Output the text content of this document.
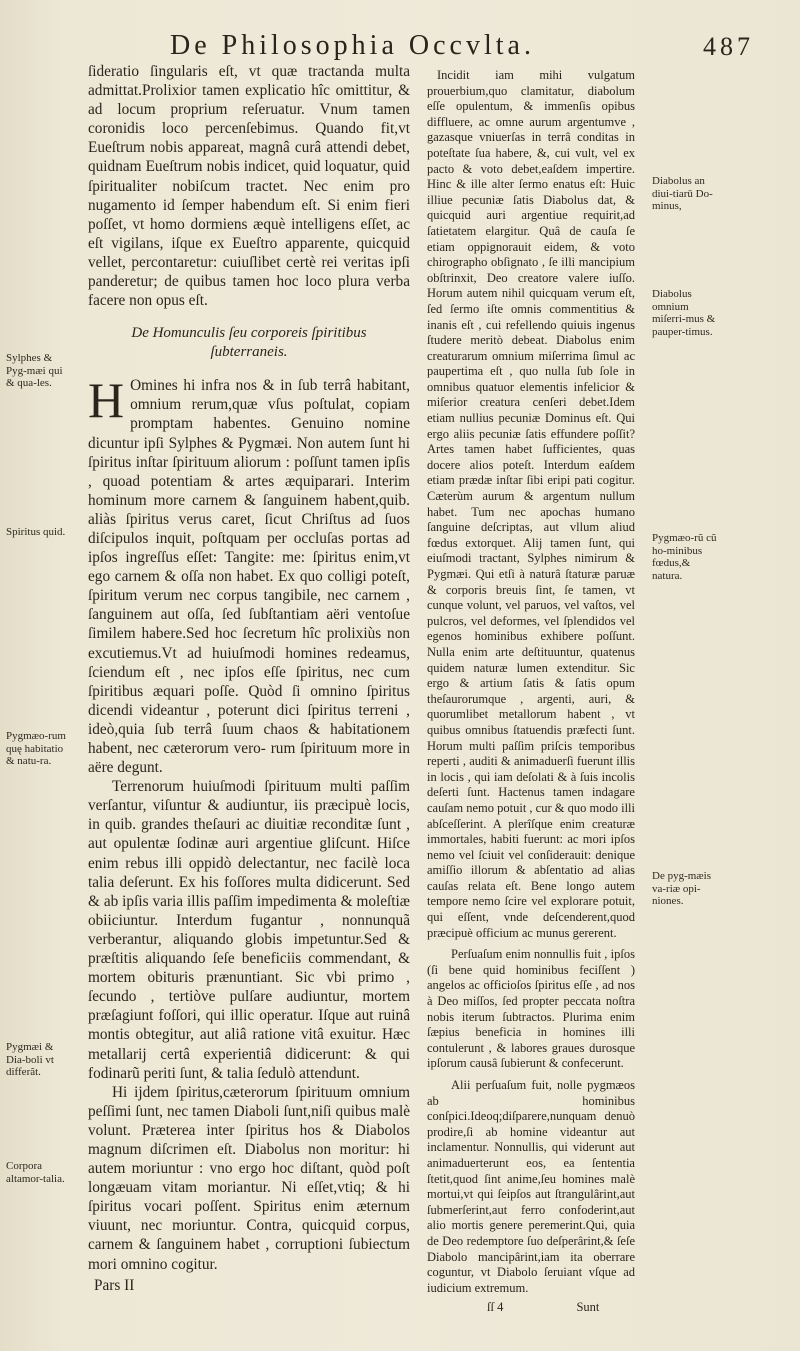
De Philosophia Occvlta.	487

ſideratio ſingularis eſt, vt quæ tractanda multa admittat.Prolixior tamen explicatio hîc omittitur, & ad locum proprium reſeruatur. Vnum tamen coronidis loco percenſebimus. Quando fit,vt Eueſtrum nobis appareat, magnâ curâ attendi debet, quidnam Eueſtrum nobis indicet, quid loquatur, quid ſpiritualiter nobiſcum tractet. Nec enim pro nugamento id ſemper habendum eſt. Si enim fieri poſſet, vt homo dormiens æquè intelligens eſſet, ac eſt vigilans, iſque ex Eueſtro apparente, quicquid vellet, percontaretur: cuiuſlibet certè rei veritas ipſi panderetur; de quibus tamen hoc loco plura verba facere non opus eſt.

De Homunculis ſeu corporeis ſpiritibus ſubterraneis.

H Omines hi infra nos & in ſub terrâ habitant, omnium rerum,quæ vſus poſtulat, copiam promptam habentes. Genuino nomine dicuntur ipſi Sylphes & Pygmæi. Non autem ſunt hi ſpiritus inſtar ſpirituum aliorum : poſſunt tamen ipſis , quoad potentiam & artes æquiparari. Interim hominum more carnem & ſanguinem habent,quib. aliàs ſpiritus verus caret, ſicut Chriſtus ad ſuos diſcipulos inquit, poſtquam per occluſas portas ad ipſos ingreſſus eſſet: Tangite: me: ſpiritus enim,vt ego carnem & oſſa non habet. Ex quo colligi poteſt, ſpiritum verum nec corpus tangibile, nec carnem , ſanguinem aut oſſa, ſed ſubſtantiam aëri ventoſue ſimilem habere.Sed hoc ſecretum hîc prolixiùs non excutiemus.Vt ad huiuſmodi homines redeamus, ſciendum eſt , nec ipſos eſſe ſpiritus, nec cum ſpiritibus æquari poſſe. Quòd ſi omnino ſpiritus dicendi videantur , poterunt dici ſpiritus terreni , ideò,quia ſub terrâ ſuum chaos & habitationem habent, nec cæterorum vero- rum ſpirituum more in aëre degunt.

Terrenorum huiuſmodi ſpirituum multi paſſim verſantur, viſuntur & audiuntur, iis præcipuè locis, in quib. grandes theſauri ac diuitiæ reconditæ ſunt , aut opulentæ ſodinæ auri argentiue gliſcunt. Hiſce enim rebus illi oppidò delectantur, nec facilè loca talia deſerunt. Ex his foſſores multa didicerunt. Sed & ab ipſis varia illis paſſim impedimenta & moleſtiæ obiiciuntur. Interdum fugantur , nonnunquã verberantur, aliquando globis impetuntur.Sed & præſtitis aliquando ſeſe beneficiis commendant, & mortem obituris prænuntiant. Sic vbi primo , ſecundo , tertiòve pulſare audiuntur, mortem præſagiunt foſſori, qui illic operatur. Iſque aut ruinâ montis obtegitur, aut aliâ ratione vitâ exuitur. Hæc metallarij certâ experientiâ didicerunt: & qui fodinarũ periti ſunt, & talia ſedulò attendunt.

Hi ijdem ſpiritus,cæterorum ſpirituum omnium peſſimi ſunt, nec tamen Diaboli ſunt,niſi quibus malè volunt. Præterea inter ſpiritus hos & Diabolos magnum diſcrimen eſt. Diabolus non moritur: hi autem moriuntur : vno ergo hoc diſtant, quòd poſt longæuam vitam moriantur. Ni eſſet,vtiq; & hi ſpiritus vocari poſſent. Spiritus enim æternum viuunt, nec moriuntur. Contra, quicquid corpus, carnem & ſanguinem habet , corruptioni ſubiectum mori omnino cogitur.

Pars II

Incidit iam mihi vulgatum prouerbium,quo clamitatur, diabolum eſſe opulentum, & immenſis opibus diffluere, ac omne aurum argentumve , gazasque vniuerſas in terrâ conditas in poteſtate ſua habere, &, cui vult, vel ex pacto & voto debet,eaſdem impertire. Hinc & ille alter ſermo enatus eſt: Huic illiue pecuniæ ſatis Diabolus dat, & quicquid auri argentiue requirit,ad ſatietatem elargitur. Quâ de cauſa ſe etiam oppignorauit eidem, & voto chirographo obſignato , ſe illi mancipium obſtrinxit, Deo creatore valere iuſſo. Horum autem nihil quicquam verum eſt, ſed ſermo iſte omnis commentitius & inanis eſt , cui refellendo quiuis ingenus ſtudere meritò debeat. Diabolus enim creaturarum omnium miſerrima ſimul ac paupertima eſt , quo nulla ſub ſole in omnibus quatuor elementis infelicior & miſerior creatura cenſeri debet.Idem etiam nullius pecuniæ Dominus eſt. Qui ergo aliis pecuniæ ſatis effundere poſſit? Artes tamen habet ſufficientes, quas docere alios poteſt. Interdum eaſdem etiam prædæ inſtar ſibi eripi pati cogitur. Cæterùm aurum & argentum nullum habet. Tum nec apochas humano ſanguine deſcriptas, aut vllum aliud fœdus extorquet. Alij tamen ſunt, qui eiuſmodi tractant, Sylphes nimirum & Pygmæi. Qui etſi à naturâ ſtaturæ paruæ & corporis breuis ſint, ſe tamen, vt cunque volunt, vel paruos, vel vaſtos, vel pulcros, vel deformes, vel ſplendidos vel egenos hominibus exhibere poſſunt. Nulla enim arte deſtituuntur, quatenus quidem naturæ lumen extenditur. Sic ergo & artium ſatis & ſatis opum theſaurorumque , argenti, auri, & quorumlibet metallorum habent , vt quibus omnibus ſtatuendis præfecti ſunt. Horum multi paſſim priſcis temporibus reperti , auditi & animaduerſi fuerunt illis in locis , qui iam deſolati & à ſuis incolis deſerti ſunt. Hactenus tamen indagare cauſam nemo potuit , cur & quo modo illi abſceſſerint. A plerîſque enim creaturæ immortales, habiti fuerunt: ac mori ipſos nemo vel ſciuit vel conſiderauit: denique amiſſio illorum & abſentatio ad alias cauſas relata eſt. Bene longo autem tempore nemo ſcire vel explorare potuit, qui eſſent, vnde deſcenderent,quod præcipuè officium ac munus gererent.

Perſuaſum enim nonnullis fuit , ipſos (ſi bene quid hominibus feciſſent ) angelos ac officioſos ſpiritus eſſe , ad nos à Deo miſſos, ſed propter peccata noſtra nobis iterum ſubtractos. Plurima enim ſæpius beneficia in homines illi contulerunt , & labores graues durosque ipſorum causâ ſubierunt & confecerunt.

Alii perſuaſum fuit, nolle pygmæos ab hominibus conſpici.Ideoq;diſparere,nunquam denuò prodire,ſi ab homine videantur aut inclamentur. Nonnullis, qui viderunt aut animaduerterunt eos, ea ſententia ſtetit,quod ſint anime,ſeu homines malè mortui,vt qui ſeipſos aut ſtrangulârint,aut ſubmerſerint,aut ferro confoderint,aut alio mortis genere peremerint.Qui, quia de Deo redemptore ſuo deſperârint,& ſeſe Diabolo mancipârint,iam ita oberrare coguntur, vt Diabolo ſeruiant vſque ad iudicium extremum.

ſſ 4	Sunt

Sylphes & Pyg-mæi qui & qua-les.
Spiritus quid.
Pygmæo-rum quę habitatio & natu-ra.
Pygmæi & Dia-boli vt differãt.
Corpora altamor-talia.
Diabolus an diui-tiarū Do-minus,
Diabolus omnium miſerri-mus & pauper-timus.
Pygmæo-rũ cũ ho-minibus fœdus,& natura.
De pyg-mæis va-riæ opi-niones.
